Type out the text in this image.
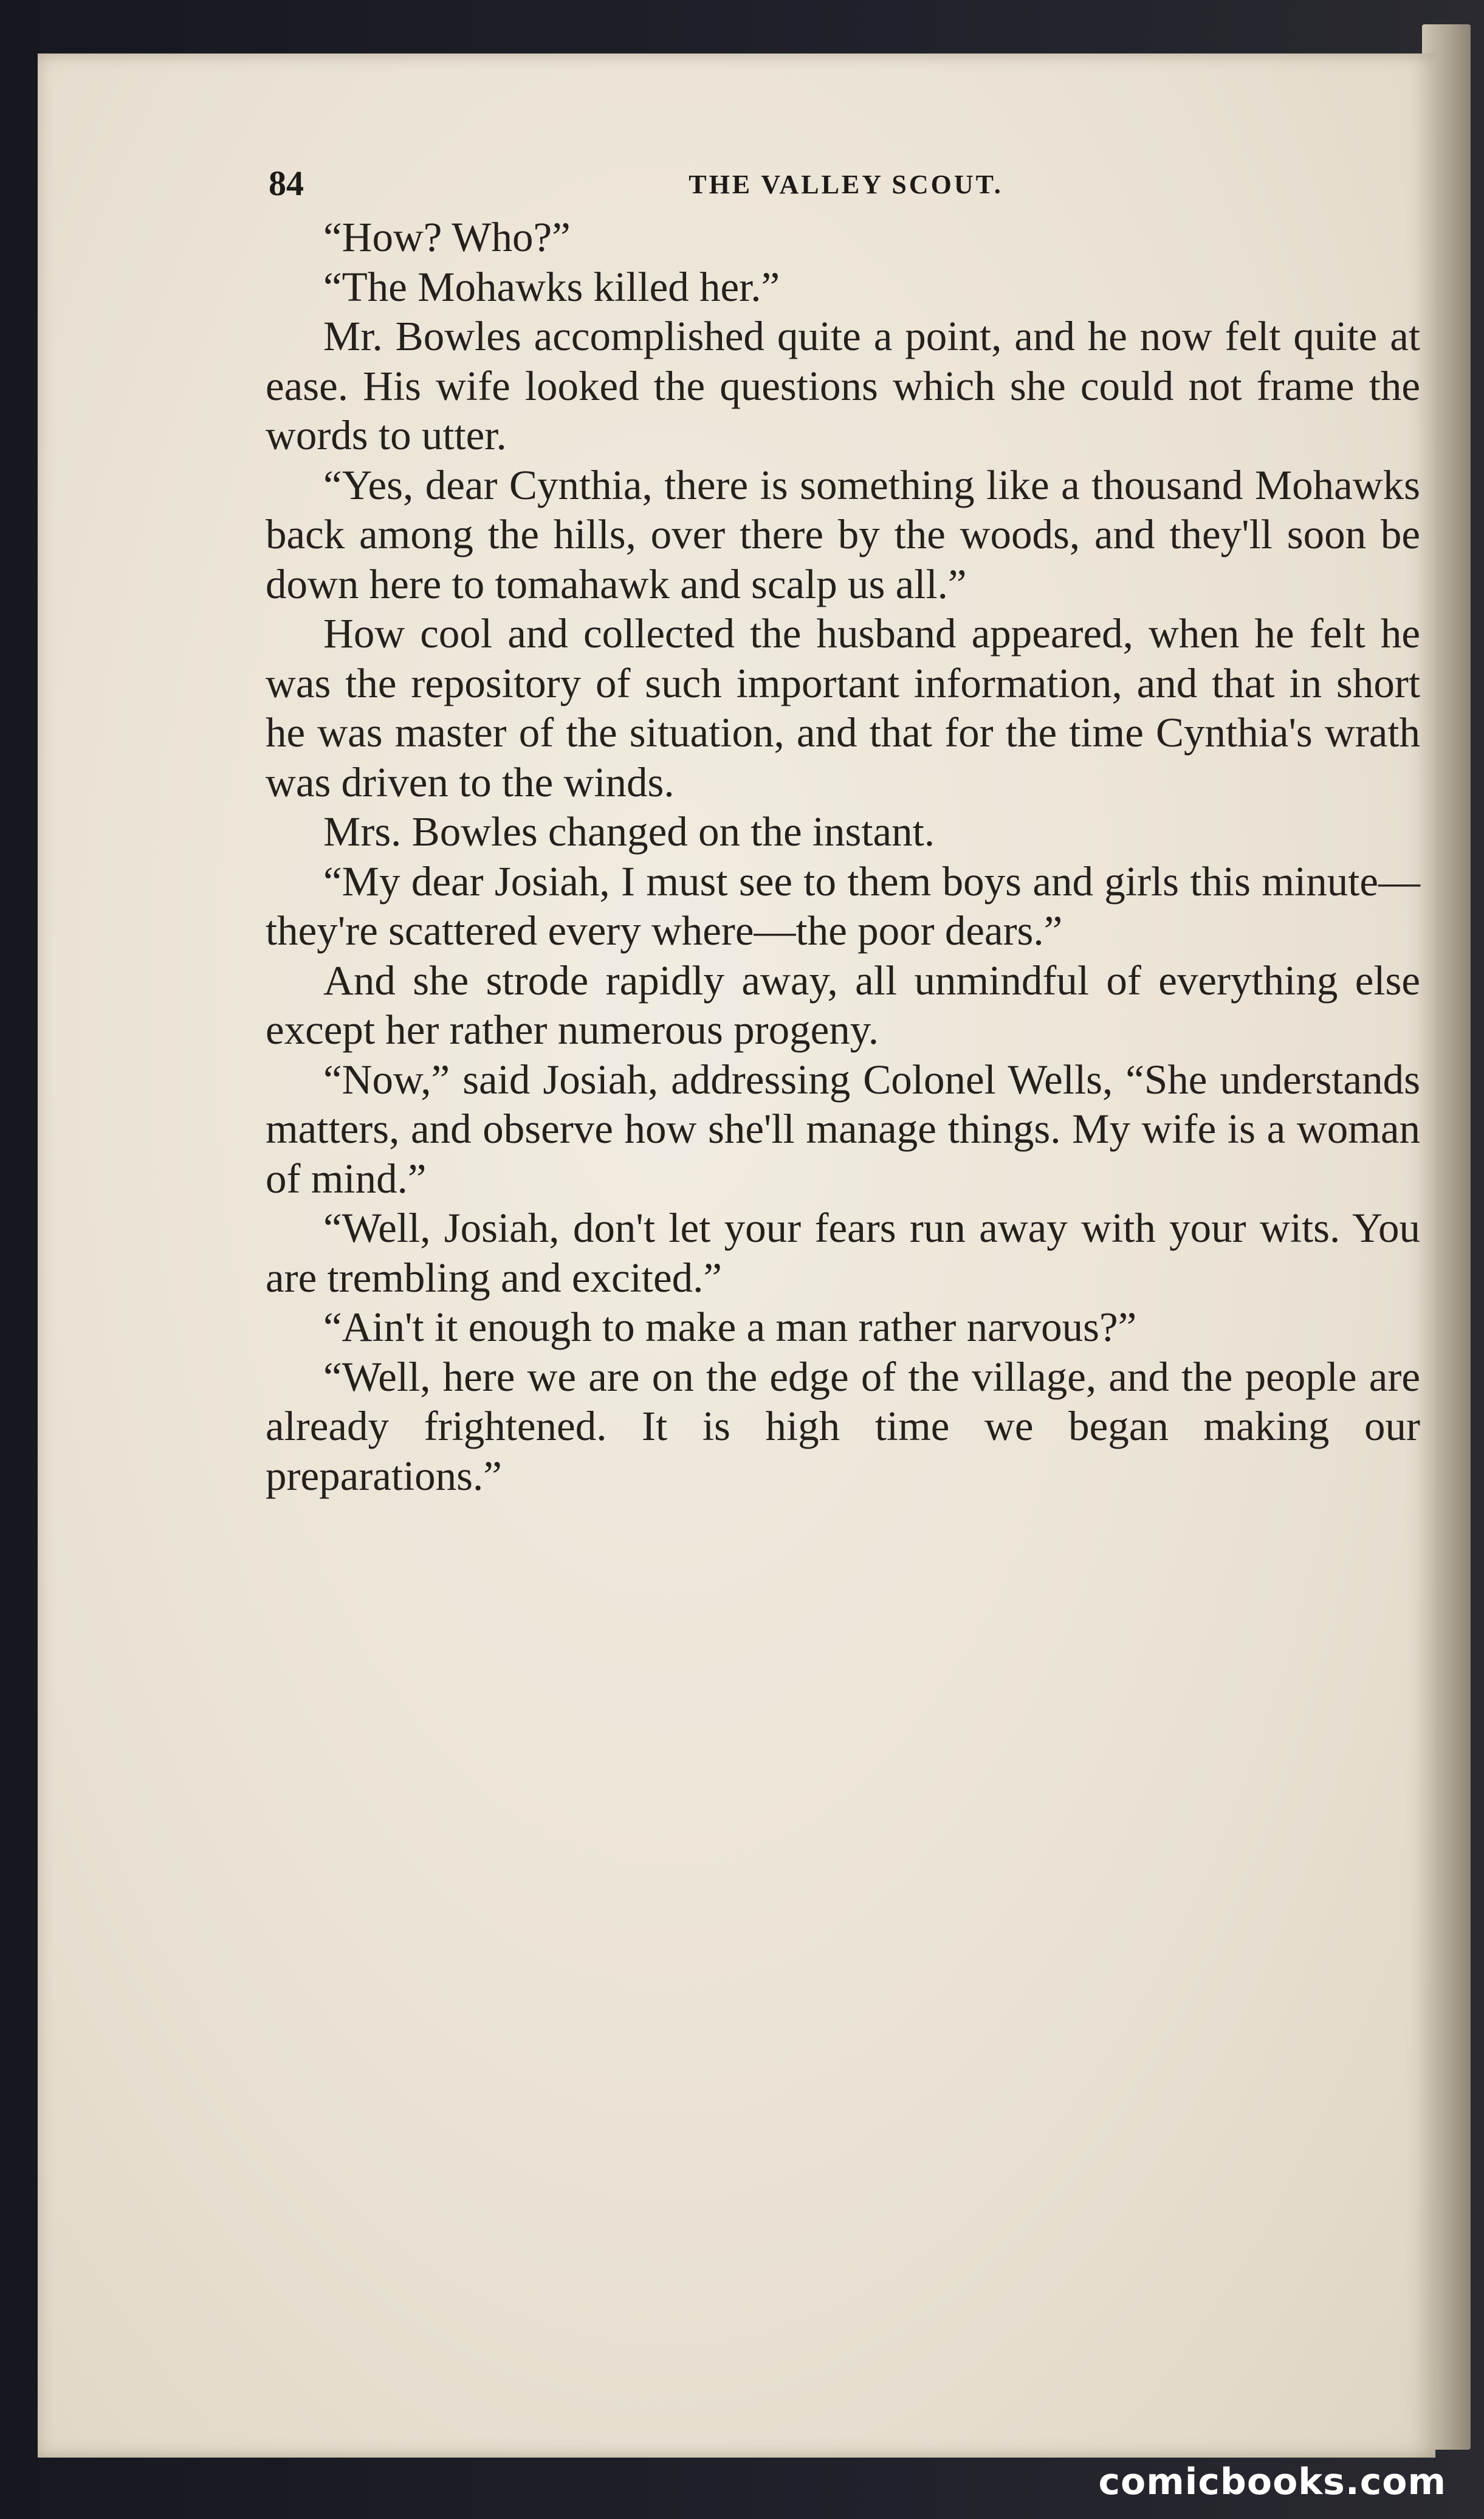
84	THE VALLEY SCOUT.

“How? Who?”

“The Mohawks killed her.”

Mr. Bowles accomplished quite a point, and he now felt quite at ease. His wife looked the questions which she could not frame the words to utter.

“Yes, dear Cynthia, there is something like a thousand Mohawks back among the hills, over there by the woods, and they'll soon be down here to tomahawk and scalp us all.”

How cool and collected the husband appeared, when he felt he was the repository of such important information, and that in short he was master of the situation, and that for the time Cynthia's wrath was driven to the winds.

Mrs. Bowles changed on the instant.

“My dear Josiah, I must see to them boys and girls this minute—they're scattered every where—the poor dears.”

And she strode rapidly away, all unmindful of everything else except her rather numerous progeny.

“Now,” said Josiah, addressing Colonel Wells, “She understands matters, and observe how she'll manage things. My wife is a woman of mind.”

“Well, Josiah, don't let your fears run away with your wits. You are trembling and excited.”

“Ain't it enough to make a man rather narvous?”

“Well, here we are on the edge of the village, and the people are already frightened. It is high time we began making our preparations.”

comicbooks.com
